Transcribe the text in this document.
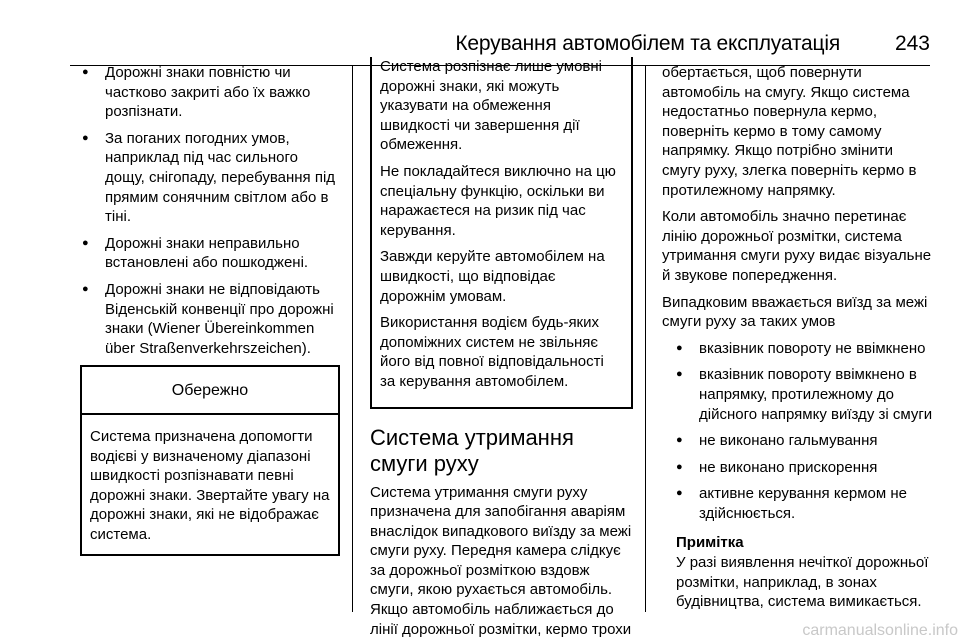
Керування автомобілем та експлуатація	243
● Дорожні знаки повністю чи частково закриті або їх важко розпізнати.
● За поганих погодних умов, наприклад під час сильного дощу, снігопаду, перебування під прямим сонячним світлом або в тіні.
● Дорожні знаки неправильно встановлені або пошкоджені.
● Дорожні знаки не відповідають Віденській конвенції про дорожні знаки (Wiener Übereinkommen über Straßenverkehrszeichen).
Обережно
Система призначена допомогти водієві у визначеному діапазоні швидкості розпізнавати певні дорожні знаки. Звертайте увагу на дорожні знаки, які не відображає система.

Система розпізнає лише умовні дорожні знаки, які можуть указувати на обмеження швидкості чи завершення дії обмеження.

Не покладайтеся виключно на цю спеціальну функцію, оскільки ви наражаєтеся на ризик під час керування.

Завжди керуйте автомобілем на швидкості, що відповідає дорожнім умовам.

Використання водієм будь-яких допоміжних систем не звільняє його від повної відповідальності за керування автомобілем.

Система утримання смуги руху
Система утримання смуги руху призначена для запобігання аваріям внаслідок випадкового виїзду за межі смуги руху. Передня камера слідкує за дорожньої розміткою вздовж смуги, якою рухається автомобіль. Якщо автомобіль наближається до лінії дорожньої розмітки, кермо трохи

обертається, щоб повернути автомобіль на смугу. Якщо система недостатньо повернула кермо, поверніть кермо в тому самому напрямку. Якщо потрібно змінити смугу руху, злегка поверніть кермо в протилежному напрямку.

Коли автомобіль значно перетинає лінію дорожньої розмітки, система утримання смуги руху видає візуальне й звукове попередження.

Випадковим вважається виїзд за межі смуги руху за таких умов

● вказівник повороту не ввімкнено
● вказівник повороту ввімкнено в напрямку, протилежному до дійсного напрямку виїзду зі смуги
● не виконано гальмування
● не виконано прискорення
● активне керування кермом не здійснюється.
Примітка
У разі виявлення нечіткої дорожньої розмітки, наприклад, в зонах будівництва, система вимикається.
carmanualsonline.info
